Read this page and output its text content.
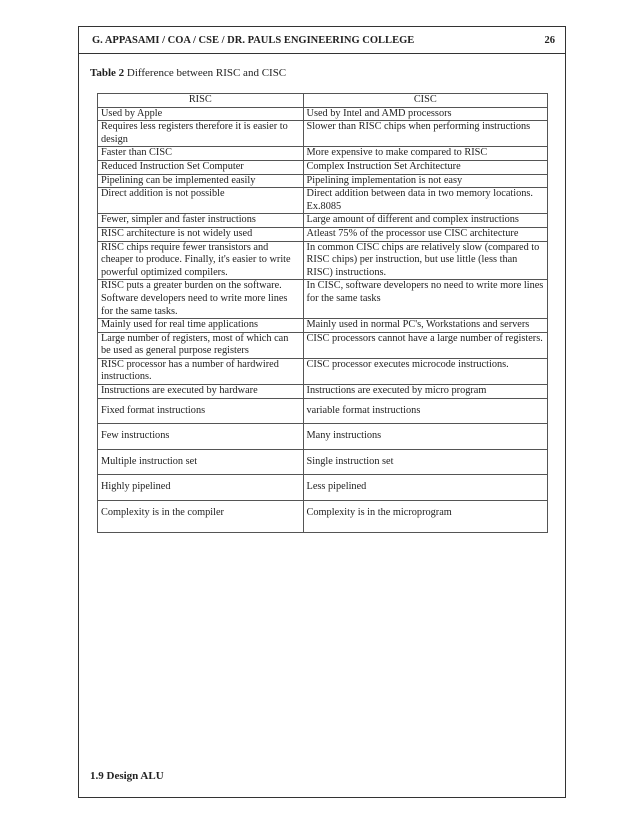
G. APPASAMI / COA / CSE / DR. PAULS ENGINEERING COLLEGE	26
Table 2 Difference between RISC and CISC
RISC	CISC
Used by Apple	Used by Intel and AMD processors
Requires less registers therefore it is easier to design	Slower than RISC chips when performing instructions
Faster than CISC	More expensive to make compared to RISC
Reduced Instruction Set Computer	Complex Instruction Set Architecture
Pipelining can be implemented easily	Pipelining implementation is not easy
Direct addition is not possible	Direct addition between data in two memory locations. Ex.8085
Fewer, simpler and faster instructions	Large amount of different and complex instructions
RISC architecture is not widely used	Atleast 75% of the processor use CISC architecture
RISC chips require fewer transistors and cheaper to produce. Finally, it's easier to write powerful optimized compilers.	In common CISC chips are relatively slow (compared to RISC chips) per instruction, but use little (less than RISC) instructions.
RISC puts a greater burden on the software. Software developers need to write more lines for the same tasks.	In CISC, software developers no need to write more lines for the same tasks
Mainly used for real time applications	Mainly used in normal PC's, Workstations and servers
Large number of registers, most of which can be used as general purpose registers	CISC processors cannot have a large number of registers.
RISC processor has a number of hardwired instructions.	CISC processor executes microcode instructions.
Instructions are executed by hardware	Instructions are executed by micro program
Fixed format instructions	variable format instructions
Few instructions	Many instructions
Multiple instruction set	Single instruction set
Highly pipelined	Less pipelined
Complexity is in the compiler	Complexity is in the microprogram
1.9 Design ALU
